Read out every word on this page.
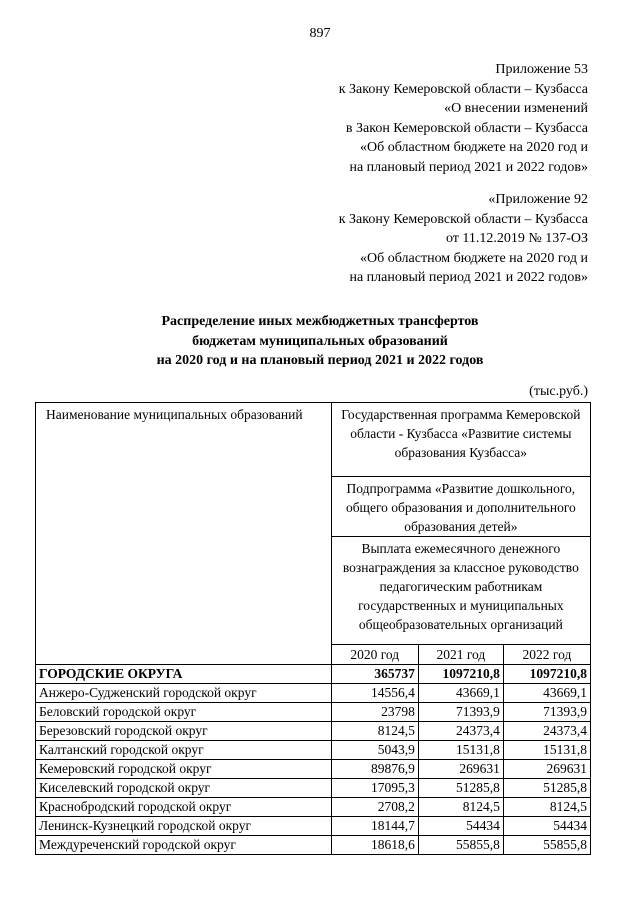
897
Приложение 53
к Закону Кемеровской области – Кузбасса
«О внесении изменений
в Закон Кемеровской области – Кузбасса
«Об областном бюджете на 2020 год и
на плановый период 2021 и 2022 годов»
«Приложение 92
к Закону Кемеровской области – Кузбасса
от 11.12.2019 № 137-ОЗ
«Об областном бюджете на 2020 год и
на плановый период 2021 и 2022 годов»
Распределение иных межбюджетных трансфертов
бюджетам муниципальных образований
на 2020 год и на плановый период 2021 и 2022 годов
(тыс.руб.)
Наименование муниципальных образований	Государственная программа Кемеровской области - Кузбасса «Развитие системы образования Кузбасса»		
	Подпрограмма «Развитие дошкольного, общего образования и дополнительного образования детей»		
	Выплата ежемесячного денежного вознаграждения за классное руководство педагогическим работникам государственных и муниципальных общеобразовательных организаций		
	2020 год	2021 год	2022 год
ГОРОДСКИЕ ОКРУГА	365737	1097210,8	1097210,8
Анжеро-Судженский городской округ	14556,4	43669,1	43669,1
Беловский городской округ	23798	71393,9	71393,9
Березовский городской округ	8124,5	24373,4	24373,4
Калтанский городской округ	5043,9	15131,8	15131,8
Кемеровский городской округ	89876,9	269631	269631
Киселевский городской округ	17095,3	51285,8	51285,8
Краснобродский городской округ	2708,2	8124,5	8124,5
Ленинск-Кузнецкий городской округ	18144,7	54434	54434
Междуреченский городской округ	18618,6	55855,8	55855,8
